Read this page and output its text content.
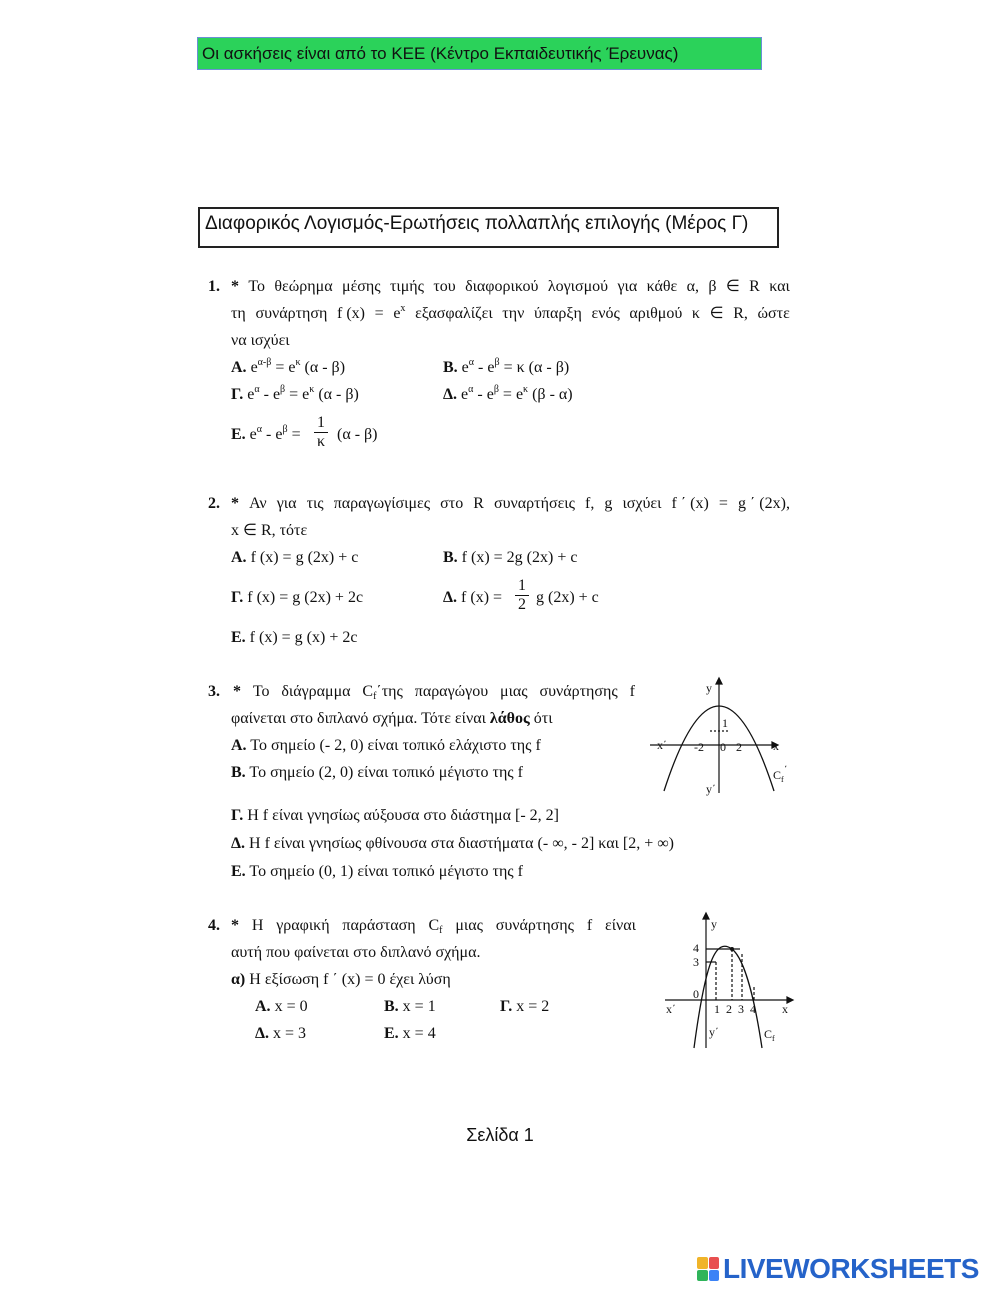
Οι ασκήσεις είναι από το ΚΕΕ (Κέντρο Εκπαιδευτικής Έρευνας)
Διαφορικός Λογισμός-Ερωτήσεις πολλαπλής επιλογής (Μέρος Γ)
1. * Το θεώρημα μέσης τιμής του διαφορικού λογισμού για κάθε α, β ∈ R και
τη συνάρτηση f $(x) = e^x$ εξασφαλίζει την ύπαρξη ενός αριθμού κ ∈ R, ώστε
να ισχύει
Α. $e^{\alpha-\beta} = e^\kappa$ (α - β)	Β. $e^\alpha - e^\beta = \kappa$ (α - β)
Γ. $e^\alpha - e^\beta = e^\kappa$ (α - β)	Δ. $e^\alpha - e^\beta = e^\kappa$ (β - α)
Ε. $e^\alpha - e^\beta$ =
1
κ (α - β)
2. * Αν για τις παραγωγίσιμες στο R συναρτήσεις f, g ισχύει f ΄ (x) = g ΄ (2x),
x ∈ R, τότε
Α. f (x) = g (2x) + c	Β. f (x) = 2g (2x) + c
Γ. f (x) = g (2x) + 2c	Δ. f (x) =
1
2 g (2x) + c
Ε. f (x) = g (x) + 2c
3. * Το διάγραμμα $C_f΄\tau\eta\varsigma$ παραγώγου μιας συνάρτησης f
φαίνεται στο διπλανό σχήμα. Τότε είναι λάθος ότι
Α. Το σημείο (- 2, 0) είναι τοπικό ελάχιστο της f
Β. Το σημείο (2, 0) είναι τοπικό μέγιστο της f
Γ. Η f είναι γνησίως αύξουσα στο διάστημα [- 2, 2]
Δ. Η f είναι γνησίως φθίνουσα στα διαστήματα (- ∞, - 2] και [2, + ∞)
Ε. Το σημείο (0, 1) είναι τοπικό μέγιστο της f
y
x
x΄
y΄
1
-2 0 2
$C_f΄$
4. * Η γραφική παράσταση $C_f$ μιας συνάρτησης f είναι
αυτή που φαίνεται στο διπλανό σχήμα.
α) Η εξίσωση f ΄ (x) = 0 έχει λύση
Α. x = 0	Β. x = 1	Γ. x = 2
Δ. x = 3	Ε. x = 4
y
x
x΄
y΄
4
3
0
1 2 3 4
$C_f$
Σελίδα 1
LIVEWORKSHEETS
